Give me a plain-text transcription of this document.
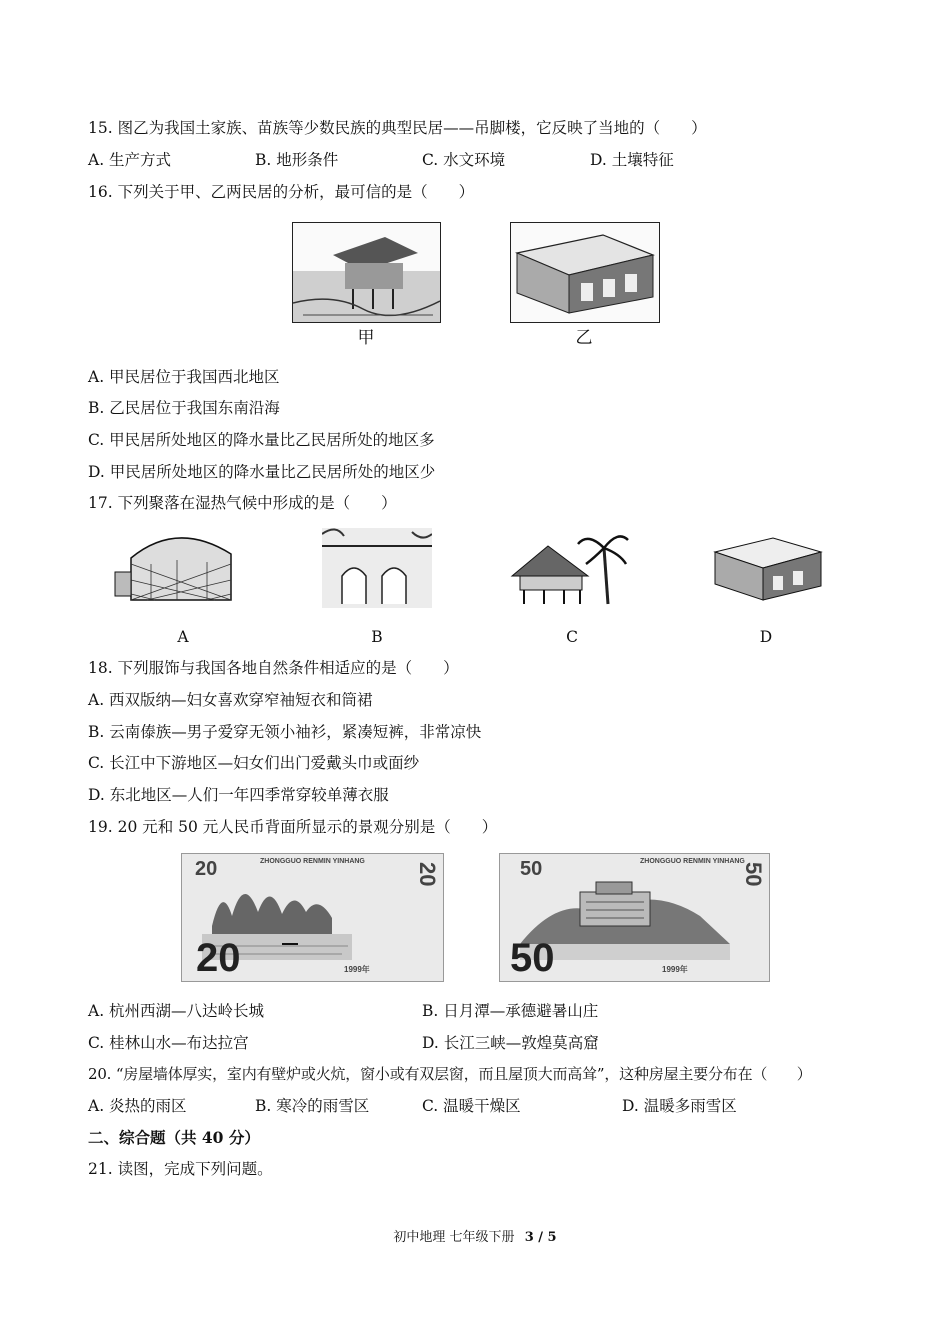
15. 图乙为我国土家族、苗族等少数民族的典型民居——吊脚楼，它反映了当地的（　　）
A. 生产方式	B. 地形条件	C. 水文环境	D. 土壤特征
16. 下列关于甲、乙两民居的分析，最可信的是（　　）
甲	乙
A. 甲民居位于我国西北地区
B. 乙民居位于我国东南沿海
C. 甲民居所处地区的降水量比乙民居所处的地区多
D. 甲民居所处地区的降水量比乙民居所处的地区少
17. 下列聚落在湿热气候中形成的是（　　）
A	B	C	D
18. 下列服饰与我国各地自然条件相适应的是（　　）
A. 西双版纳—妇女喜欢穿窄袖短衣和筒裙
B. 云南傣族—男子爱穿无领小袖衫，紧凑短裤，非常凉快
C. 长江中下游地区—妇女们出门爱戴头巾或面纱
D. 东北地区—人们一年四季常穿较单薄衣服
19. 20 元和 50 元人民币背面所显示的景观分别是（　　）
20	ZHONGGUO RENMIN YINHANG
20
20	1999年
50	ZHONGGUO RENMIN YINHANG
50
50	1999年
A. 杭州西湖—八达岭长城	B. 日月潭—承德避暑山庄
C. 桂林山水—布达拉宫	D. 长江三峡—敦煌莫高窟
20. “房屋墙体厚实，室内有壁炉或火炕，窗小或有双层窗，而且屋顶大而高耸”，这种房屋主要分布在（　　）
A. 炎热的雨区	B. 寒冷的雨雪区	C. 温暖干燥区	D. 温暖多雨雪区
二、综合题（共 40 分）
21. 读图，完成下列问题。
初中地理 七年级下册 3 / 5
